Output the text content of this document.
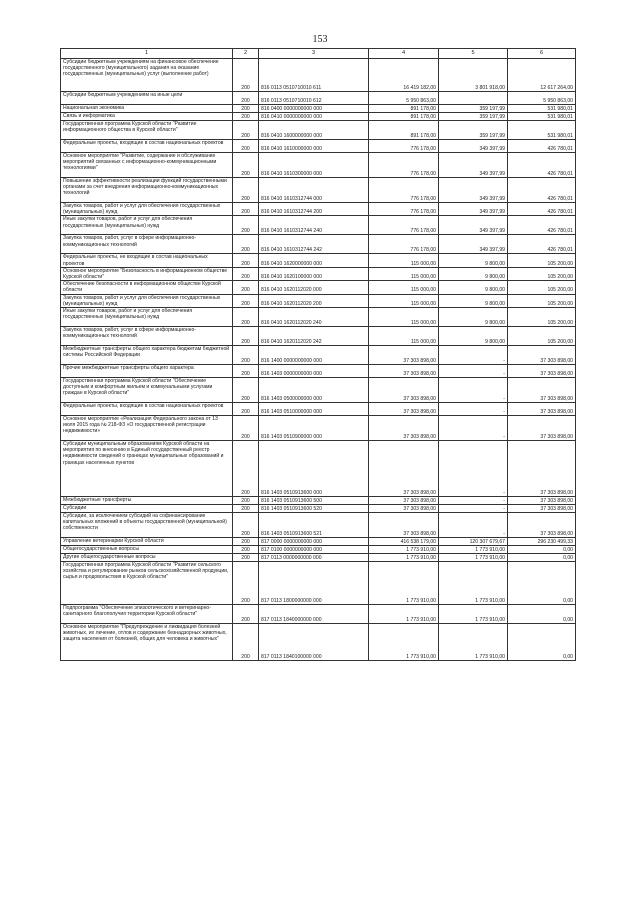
153
1	2	3	4	5	6
Субсидии бюджетным учреждениям на финансовое обеспечение государственного (муниципального) задания на оказание государственных (муниципальных) услуг (выполнение работ)	200	816 0113 0510710010 611	16 419 182,00	3 801 918,00	12 617 264,00
Субсидии бюджетным учреждениям на иные цели	200	816 0113 0510710010 612	5 950 863,00		5 950 863,00
Национальная экономика	200	816 0400 0000000000 000	891 178,00	359 197,99	531 980,01
Связь и информатика	200	816 0410 0000000000 000	891 178,00	359 197,99	531 980,01
Государственная программа Курской области "Развитие информационного общества в Курской области"	200	816 0410 1600000000 000	891 178,00	359 197,99	531 980,01
Федеральные проекты, входящие в состав национальных проектов	200	816 0410 1610000000 000	776 178,00	349 397,99	426 780,01
Основное мероприятие "Развитие, содержание и обслуживание мероприятий связанных с информационно-коммуникационными технологиями"	200	816 0410 1610300000 000	776 178,00	349 397,99	426 780,01
Повышение эффективности реализации функций государственными органами за счет внедрения информационно-коммуникационных технологий	200	816 0410 1610312744 000	776 178,00	349 397,99	426 780,01
Закупка товаров, работ и услуг для обеспечения государственных (муниципальных) нужд	200	816 0410 1610312744 200	776 178,00	349 397,99	426 780,01
Иные закупки товаров, работ и услуг для обеспечения государственных (муниципальных) нужд	200	816 0410 1610312744 240	776 178,00	349 397,99	426 780,01
Закупка товаров, работ, услуг в сфере информационно-коммуникационных технологий	200	816 0410 1610312744 242	776 178,00	349 397,99	426 780,01
Федеральные проекты, не входящие в состав национальных проектов	200	816 0410 1620000000 000	115 000,00	9 800,00	105 200,00
Основное мероприятие "Безопасность в информационном обществе Курской области"	200	816 0410 1620100000 000	115 000,00	9 800,00	105 200,00
Обеспечение безопасности в информационном обществе Курской области	200	816 0410 1620112020 000	115 000,00	9 800,00	105 200,00
Закупка товаров, работ и услуг для обеспечения государственных (муниципальных) нужд	200	816 0410 1620112020 200	115 000,00	9 800,00	105 200,00
Иные закупки товаров, работ и услуг для обеспечения государственных (муниципальных) нужд	200	816 0410 1620112020 240	115 000,00	9 800,00	105 200,00
Закупка товаров, работ, услуг в сфере информационно-коммуникационных технологий	200	816 0410 1620112020 242	115 000,00	9 800,00	105 200,00
Межбюджетные трансферты общего характера бюджетам бюджетной системы Российской Федерации	200	816 1400 0000000000 000	37 303 898,00	-	37 303 898,00
Прочие межбюджетные трансферты общего характера	200	816 1403 0000000000 000	37 303 898,00	-	37 303 898,00
Государственная программа Курской области "Обеспечение доступным и комфортным жильем и коммунальными услугами граждан в Курской области"	200	816 1403 0500000000 000	37 303 898,00	-	37 303 898,00
Федеральные проекты, входящие в состав национальных проектов	200	816 1403 0510000000 000	37 303 898,00	-	37 303 898,00
Основное мероприятие «Реализация Федерального закона от 13 июля 2015 года № 218-ФЗ «О государственной регистрации недвижимости»	200	816 1403 0510900000 000	37 303 898,00	-	37 303 898,00
Субсидии муниципальным образованиям Курской области на мероприятия по внесению в Единый государственный реестр недвижимости сведений о границах муниципальных образований и границах населенных пунктов	200	816 1403 0510913600 000	37 303 898,00	-	37 303 898,00
Межбюджетные трансферты	200	816 1403 0510913600 500	37 303 898,00	-	37 303 898,00
Субсидии	200	816 1403 0510913600 520	37 303 898,00	-	37 303 898,00
Субсидии, за исключением субсидий на софинансирование капитальных вложений в объекты государственной (муниципальной) собственности	200	816 1403 0510913600 521	37 303 898,00	-	37 303 898,00
Управление ветеринарии Курской области	200	817 0000 0000000000 000	416 538 179,00	120 307 679,67	296 230 499,33
Общегосударственные вопросы	200	817 0100 0000000000 000	1 773 910,00	1 773 910,00	0,00
Другие общегосударственные вопросы	200	817 0113 0000000000 000	1 773 910,00	1 773 910,00	0,00
Государственная программа Курской области "Развитие сельского хозяйства и регулирование рынков сельскохозяйственной продукции, сырья и продовольствия в Курской области"	200	817 0113 1800000000 000	1 773 910,00	1 773 910,00	0,00
Подпрограмма "Обеспечение эпизоотического и ветеринарно-санитарного благополучия территории Курской области"	200	817 0113 1840000000 000	1 773 910,00	1 773 910,00	0,00
Основное мероприятие "Предупреждение и ликвидация болезней животных, их лечение, отлов и содержание безнадзорных животных, защита населения от болезней, общих для человека и животных"	200	817 0113 1840100000 000	1 773 910,00	1 773 910,00	0,00
